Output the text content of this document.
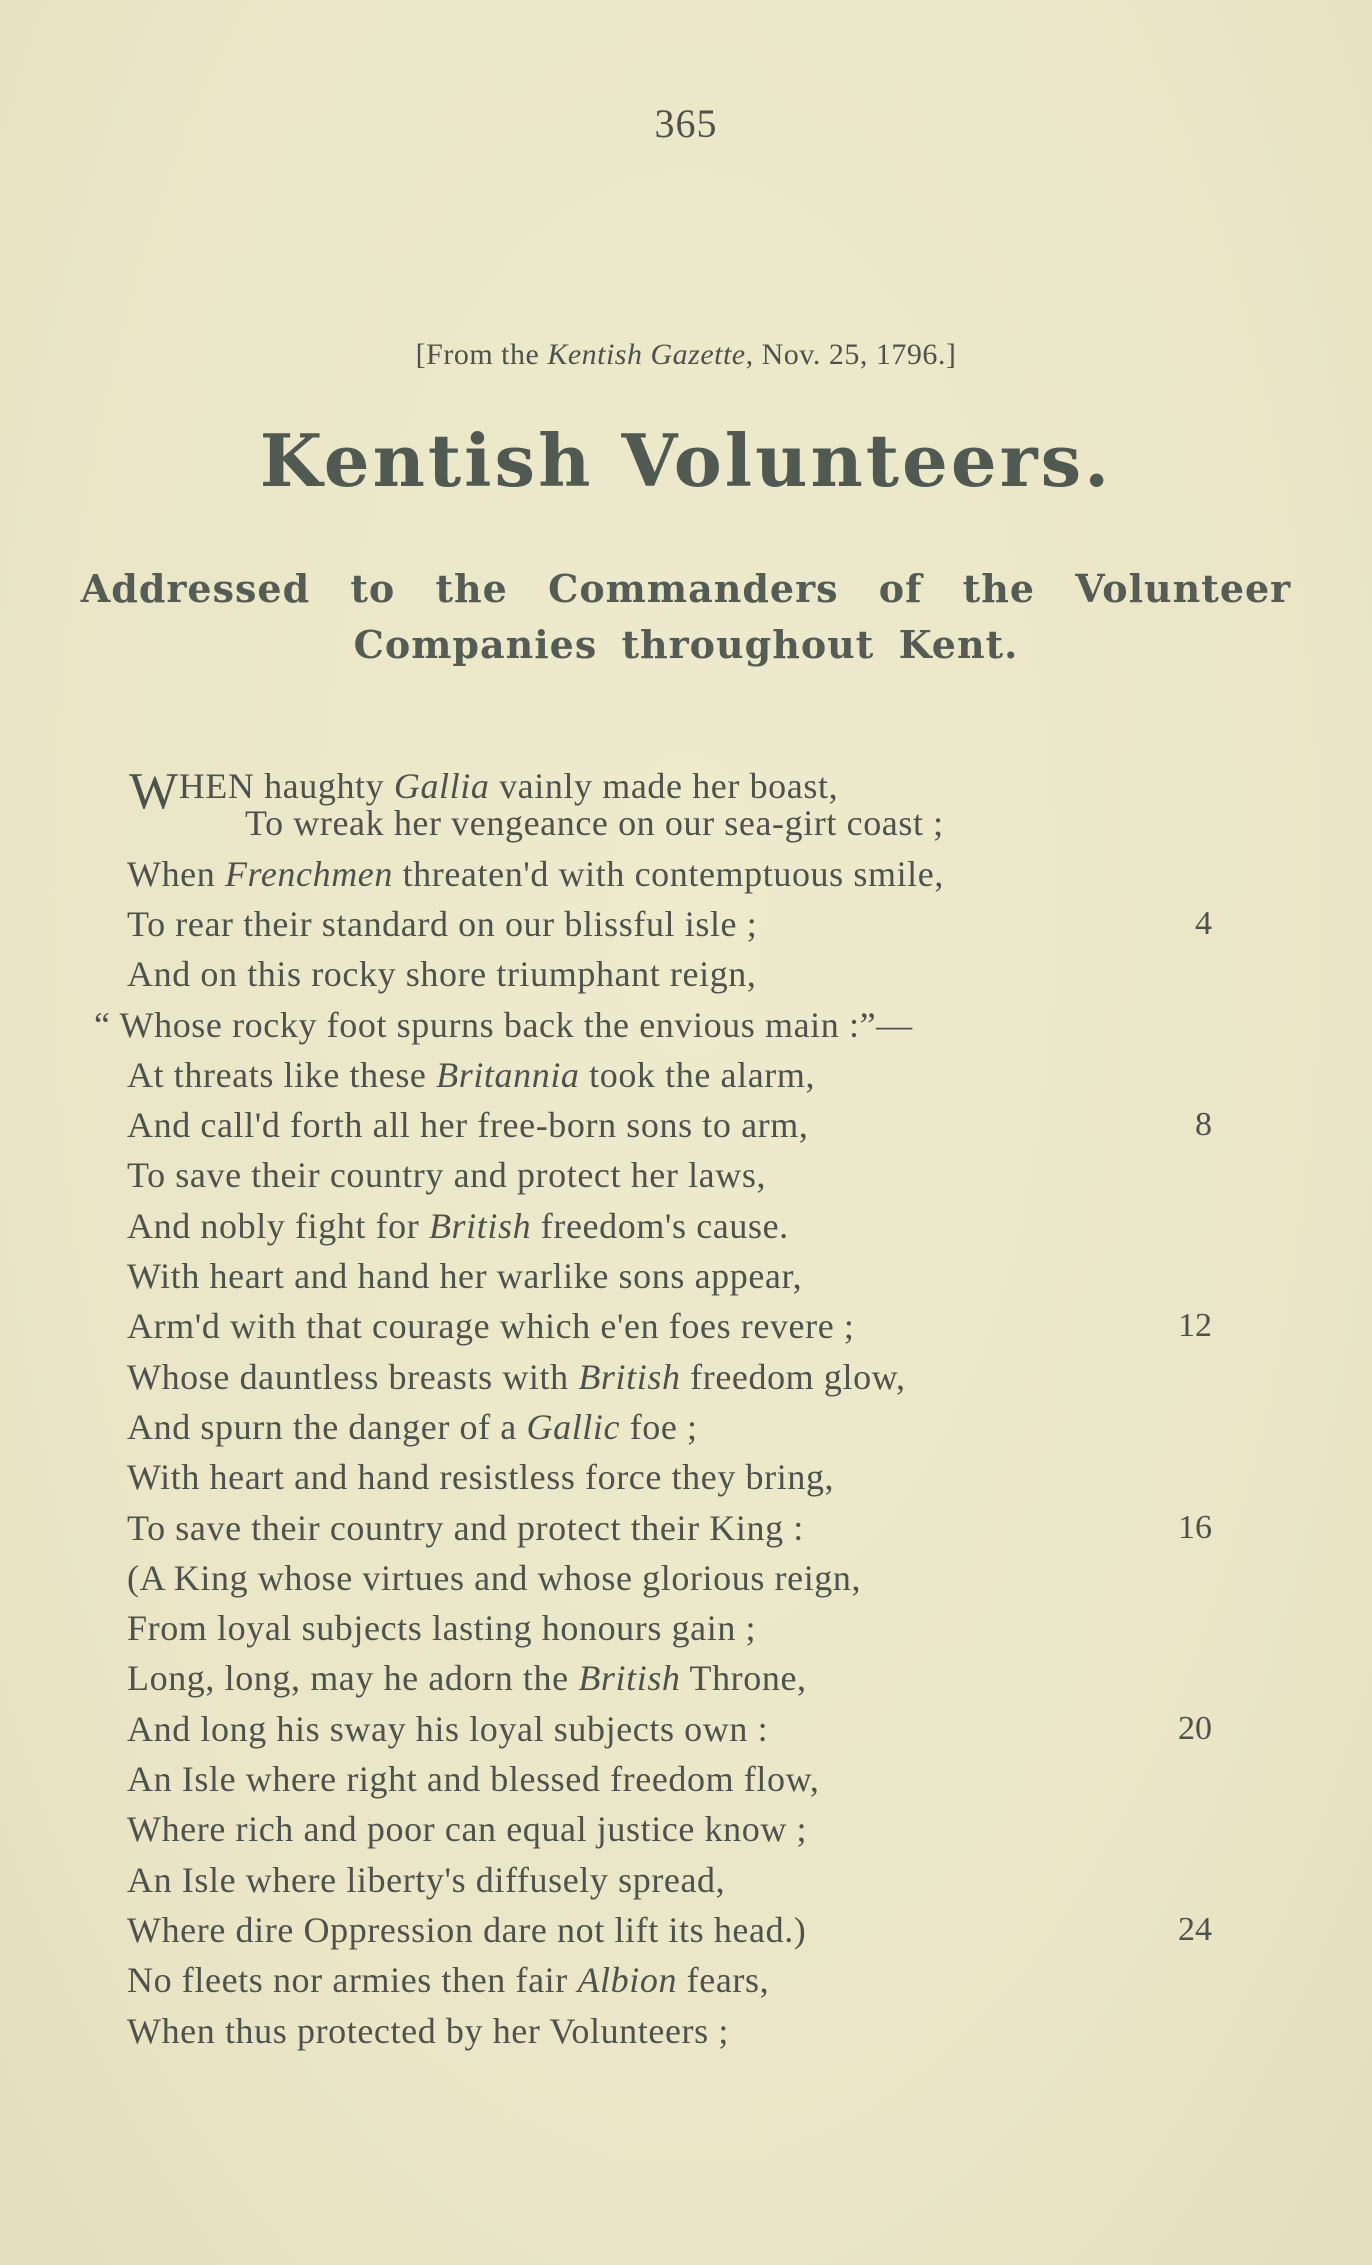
365
[From the Kentish Gazette, Nov. 25, 1796.]
Kentish Volunteers.
Addressed to the Commanders of the Volunteer
Companies throughout Kent.
WHEN haughty Gallia vainly made her boast,
To wreak her vengeance on our sea-girt coast ;
When Frenchmen threaten'd with contemptuous smile,
To rear their standard on our blissful isle ;	4
And on this rocky shore triumphant reign,
“ Whose rocky foot spurns back the envious main :”—
At threats like these Britannia took the alarm,
And call'd forth all her free-born sons to arm,	8
To save their country and protect her laws,
And nobly fight for British freedom's cause.
With heart and hand her warlike sons appear,
Arm'd with that courage which e'en foes revere ;	12
Whose dauntless breasts with British freedom glow,
And spurn the danger of a Gallic foe ;
With heart and hand resistless force they bring,
To save their country and protect their King :	16
(A King whose virtues and whose glorious reign,
From loyal subjects lasting honours gain ;
Long, long, may he adorn the British Throne,
And long his sway his loyal subjects own :	20
An Isle where right and blessed freedom flow,
Where rich and poor can equal justice know ;
An Isle where liberty's diffusely spread,
Where dire Oppression dare not lift its head.)	24
No fleets nor armies then fair Albion fears,
When thus protected by her Volunteers ;
